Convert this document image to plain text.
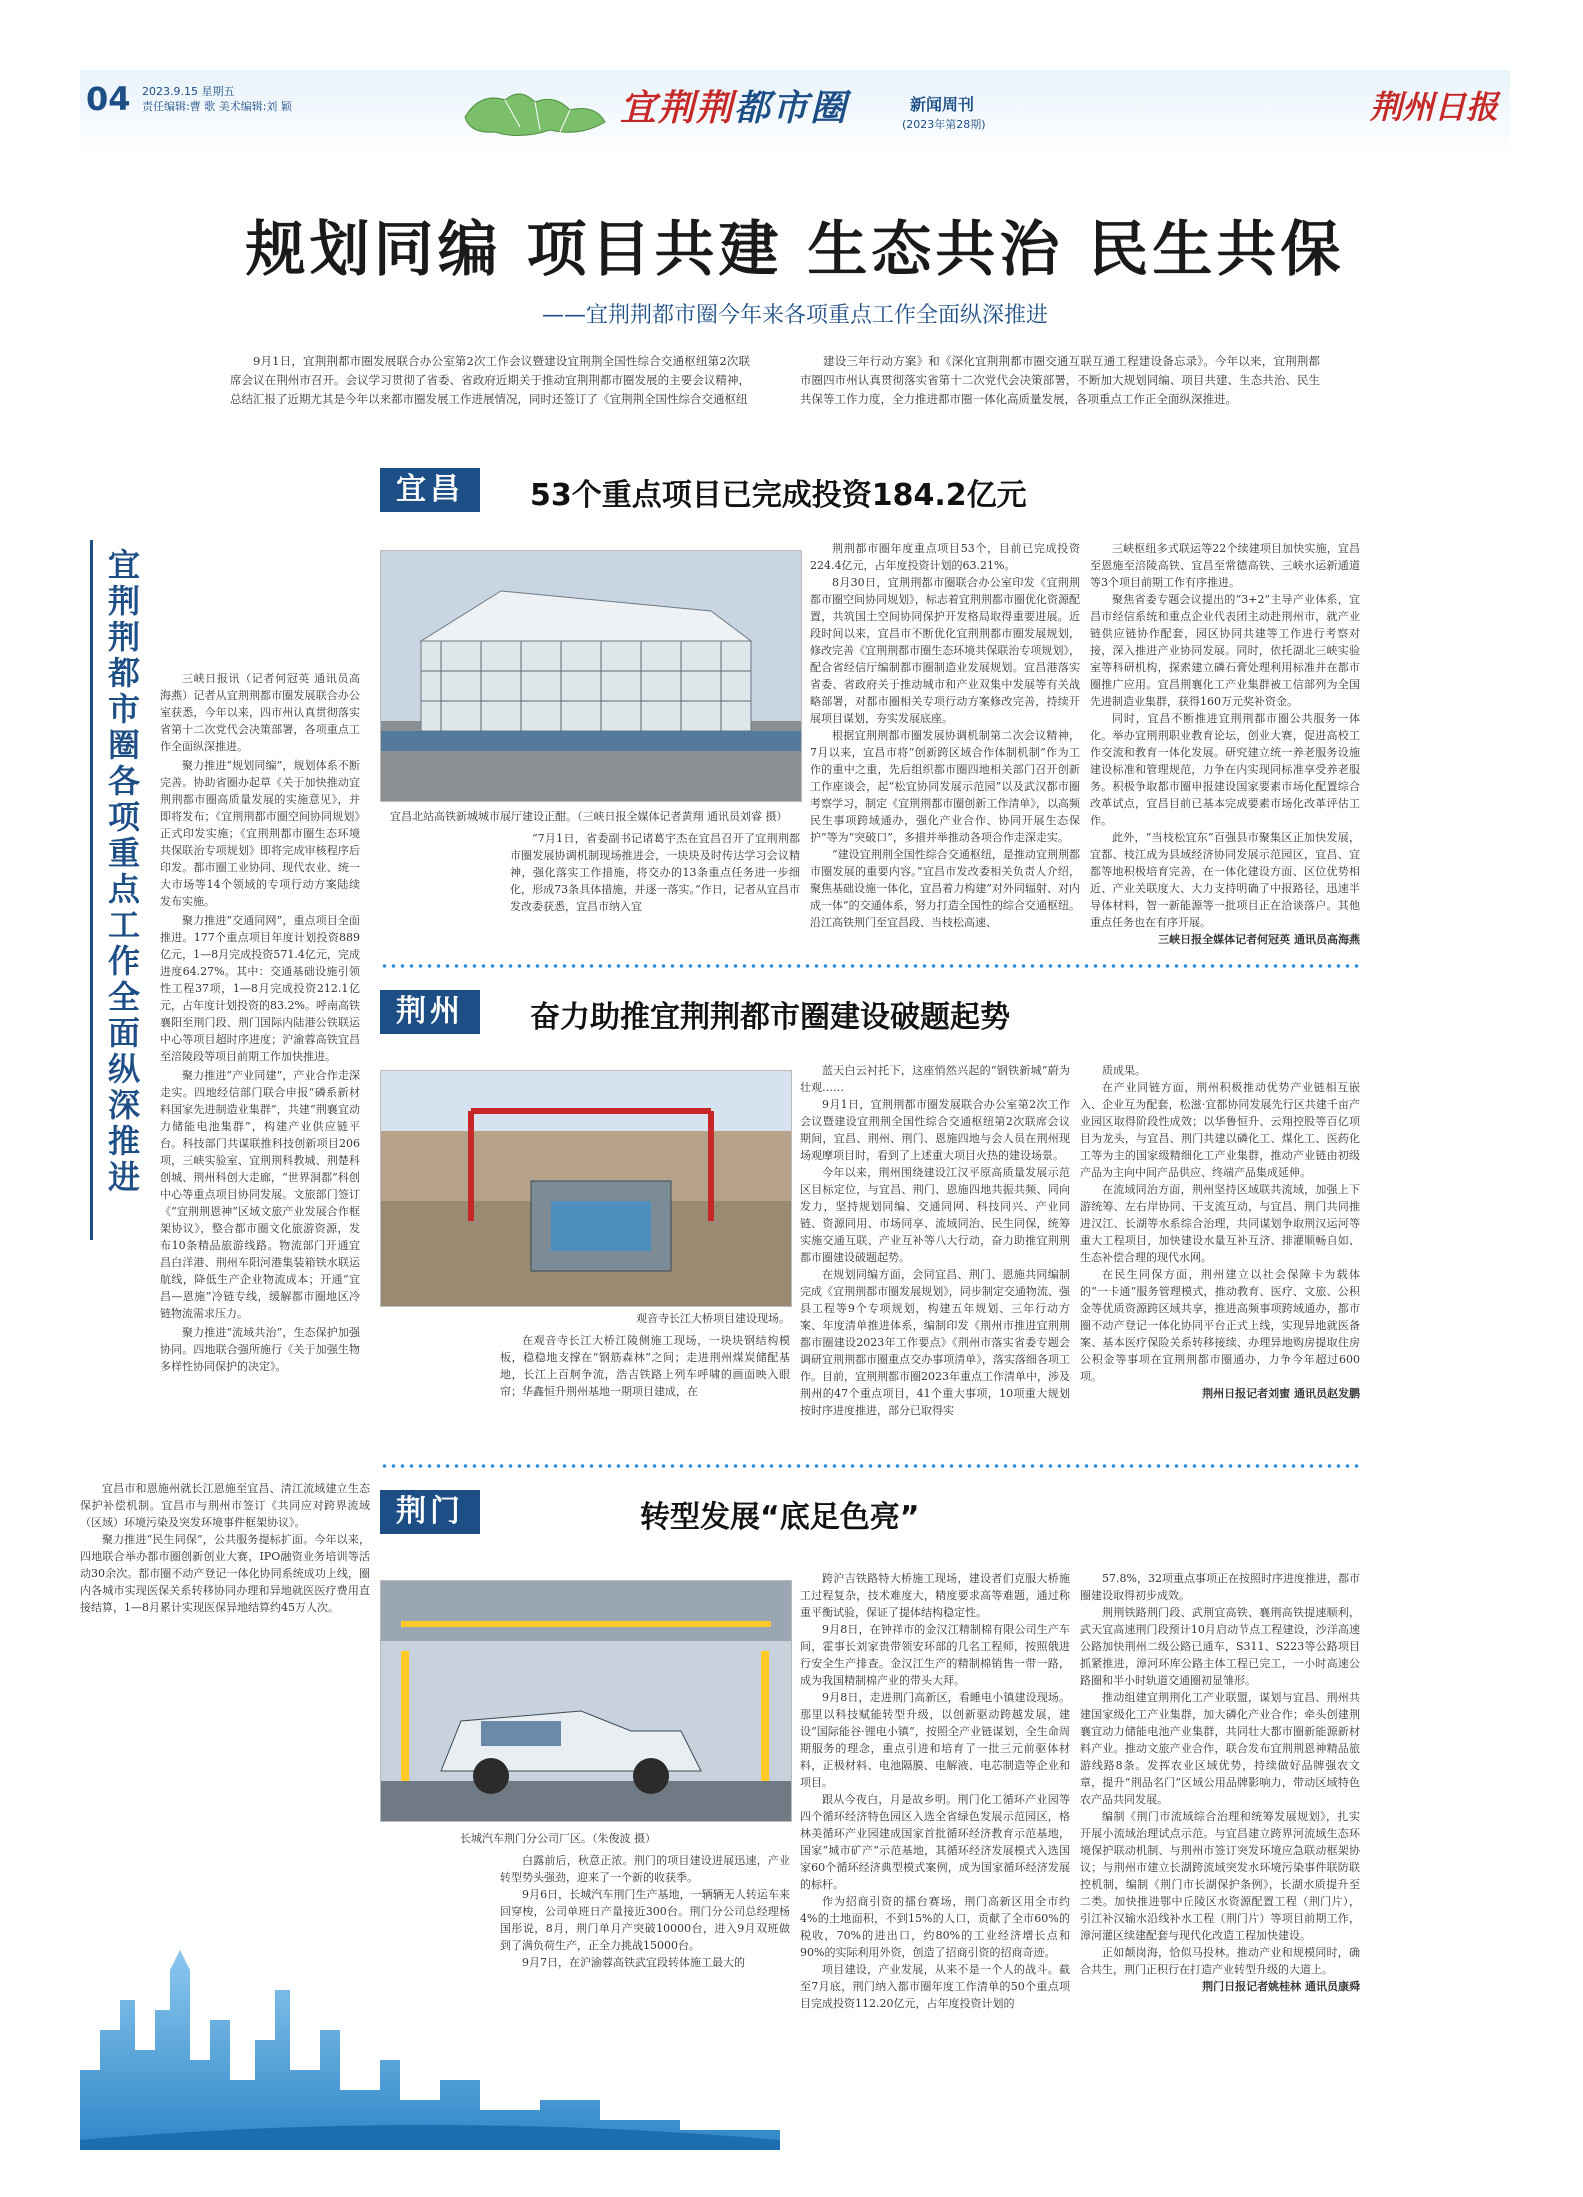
04 2023.9.15 星期五
责任编辑:曹 歌 美术编辑:刘 颖	宜荆荆都市圈	新闻周刊
(2023年第28期)	荆州日报
规划同编 项目共建 生态共治 民生共保
——宜荆荆都市圈今年来各项重点工作全面纵深推进
9月1日，宜荆荆都市圈发展联合办公室第2次工作会议暨建设宜荆荆全国性综合交通枢纽第2次联席会议在荆州市召开。会议学习贯彻了省委、省政府近期关于推动宜荆荆都市圈发展的主要会议精神，总结汇报了近期尤其是今年以来都市圈发展工作进展情况，同时还签订了《宜荆荆全国性综合交通枢纽
建设三年行动方案》和《深化宜荆荆都市圈交通互联互通工程建设备忘录》。今年以来，宜荆荆都市圈四市州认真贯彻落实省第十二次党代会决策部署，不断加大规划同编、项目共建、生态共治、民生共保等工作力度，全力推进都市圈一体化高质量发展，各项重点工作正全面纵深推进。
宜荆荆都市圈各项重点工作全面纵深推进	三峡日报讯（记者何冠英 通讯员高海燕）记者从宜荆荆都市圈发展联合办公室获悉，今年以来，四市州认真贯彻落实省第十二次党代会决策部署，各项重点工作全面纵深推进。

聚力推进“规划同编”，规划体系不断完善。协助省圈办起草《关于加快推动宜荆荆都市圈高质量发展的实施意见》，并即将发布；《宜荆荆都市圈空间协同规划》正式印发实施；《宜荆荆都市圈生态环境共保联治专项规划》即将完成审核程序后印发。都市圈工业协同、现代农业、统一大市场等14个领域的专项行动方案陆续发布实施。

聚力推进“交通同网”，重点项目全面推进。177个重点项目年度计划投资889亿元，1—8月完成投资571.4亿元，完成进度64.27%。其中：交通基础设施引领性工程37项，1—8月完成投资212.1亿元，占年度计划投资的83.2%。呼南高铁襄阳至荆门段、荆门国际内陆港公铁联运中心等项目超时序进度；沪渝蓉高铁宜昌至涪陵段等项目前期工作加快推进。

聚力推进“产业同建”，产业合作走深走实。四地经信部门联合申报“磷系新材料国家先进制造业集群”，共建“荆襄宜动力储能电池集群”，构建产业供应链平台。科技部门共谋联推科技创新项目206项，三峡实验室、宜荆荆科教城、荆楚科创城、荆州科创大走廊，“世界洞都”科创中心等重点项目协同发展。文旅部门签订《“宜荆荆恩神”区域文旅产业发展合作框架协议》，整合都市圈文化旅游资源，发布10条精品旅游线路。物流部门开通宜昌白洋港、荆州车阳河港集装箱铁水联运航线，降低生产企业物流成本；开通“宜昌—恩施”冷链专线，缓解都市圈地区冷链物流需求压力。

聚力推进“流域共治”，生态保护加强协同。四地联合强所施行《关于加强生物多样性协同保护的决定》。

宜昌市和恩施州就长江恩施至宜昌、清江流域建立生态保护补偿机制。宜昌市与荆州市签订《共同应对跨界流域（区域）环境污染及突发环境事件框架协议》。

聚力推进“民生同保”，公共服务提标扩面。今年以来，四地联合举办都市圈创新创业大赛，IPO融资业务培训等活动30余次。都市圈不动产登记一体化协同系统成功上线，圈内各城市实现医保关系转移协同办理和异地就医医疗费用直接结算，1—8月累计实现医保异地结算约45万人次。

宜昌	53个重点项目已完成投资184.2亿元
宜昌北站高铁新城城市展厅建设正酣。（三峡日报全媒体记者黄翔 通讯员刘睿 摄）

“7月1日，省委副书记诸葛宇杰在宜昌召开了宜荆荆都市圈发展协调机制现场推进会，一块块及时传达学习会议精神，强化落实工作措施，将交办的13条重点任务进一步细化，形成73条具体措施，并逐一落实。”作日，记者从宜昌市发改委获悉，宜昌市纳入宜

荆荆都市圈年度重点项目53个，目前已完成投资224.4亿元，占年度投资计划的63.21%。

8月30日，宜荆荆都市圈联合办公室印发《宜荆荆都市圈空间协同规划》，标志着宜荆荆都市圈优化资源配置，共筑国土空间协同保护开发格局取得重要进展。近段时间以来，宜昌市不断优化宜荆荆都市圈发展规划，修改完善《宜荆荆都市圈生态环境共保联治专项规划》，配合省经信厅编制都市圈制造业发展规划。宜昌港落实省委、省政府关于推动城市和产业双集中发展等有关战略部署，对都市圈相关专项行动方案修改完善，持续开展项目谋划，夯实发展底座。

根据宜荆荆都市圈发展协调机制第二次会议精神，7月以来，宜昌市将“创新跨区域合作体制机制”作为工作的重中之重，先后组织都市圈四地相关部门召开创新工作座谈会，起“松宜协同发展示范园”以及武汉都市圈考察学习，制定《宜荆荆都市圈创新工作清单》，以高频民生事项跨域通办，强化产业合作、协同开展生态保护”等为“突破口”，多措并举推动各项合作走深走实。

“建设宜荆荆全国性综合交通枢纽，是推动宜荆荆都市圈发展的重要内容。”宜昌市发改委相关负责人介绍，聚焦基础设施一体化，宜昌着力构建”对外同辐射、对内成一体”的交通体系，努力打造全国性的综合交通枢纽。沿江高铁荆门至宜昌段、当枝松高速、

三峡枢纽多式联运等22个续建项目加快实施，宜昌至恩施至涪陵高铁、宜昌至常德高铁、三峡水运新通道等3个项目前期工作有序推进。

聚焦省委专题会议提出的“3+2”主导产业体系，宜昌市经信系统和重点企业代表团主动赴荆州市，就产业链供应链协作配套，园区协同共建等工作进行考察对接，深入推进产业协同发展。同时，依托湖北三峡实验室等科研机构，探索建立磷石膏处理利用标准并在都市圈推广应用。宜昌荆襄化工产业集群被工信部列为全国先进制造业集群，获得160万元奖补资金。

同时，宜昌不断推进宜荆荆都市圈公共服务一体化。举办宜荆荆职业教育论坛，创业大赛，促进高校工作交流和教育一体化发展。研究建立统一养老服务设施建设标准和管理规范，力争在内实现同标准享受养老服务。积极争取都市圈申报建设国家要素市场化配置综合改革试点，宜昌目前已基本完成要素市场化改革评估工作。

此外，“当枝松宜东”百强县市聚集区正加快发展，宜都、枝江成为县域经济协同发展示范园区，宜昌、宜都等地积极培育完善，在一体化建设方面、区位优势相近、产业关联度大、大力支持明确了中报路径，迅速半导体材料，智一新能源等一批项目正在洽谈落户。其他重点任务也在有序开展。

三峡日报全媒体记者何冠英 通讯员高海燕
荆州	奋力助推宜荆荆都市圈建设破题起势
观音寺长江大桥项目建设现场。

在观音寺长江大桥江陵侧施工现场，一块块钢结构模板，稳稳地支撑在“钢筋森林”之间；走进荆州煤炭储配基地，长江上百舸争流，浩吉铁路上列车呼啸的画面映入眼帘；华鑫恒升荆州基地一期项目建成，在

蓝天白云衬托下，这座悄然兴起的“钢铁新城”蔚为壮观……

9月1日，宜荆荆都市圈发展联合办公室第2次工作会议暨建设宜荆荆全国性综合交通枢纽第2次联席会议期间，宜昌、荆州、荆门、恩施四地与会人员在荆州现场观摩项目时，看到了上述重大项目火热的建设场景。

今年以来，荆州围绕建设江汉平原高质量发展示范区目标定位，与宜昌、荆门、恩施四地共振共频、同向发力，坚持规划同编、交通同网、科技同兴、产业同链、资源同用、市场同享、流域同治、民生同保，统筹实施交通互联、产业互补等八大行动，奋力助推宜荆荆都市圈建设破题起势。

在规划同编方面，会同宜昌、荆门、恩施共同编制完成《宜荆荆都市圈发展规划》，同步制定交通物流、强县工程等9个专项规划，构建五年规划、三年行动方案、年度清单推进体系，编制印发《荆州市推进宜荆荆都市圈建设2023年工作要点》《荆州市落实省委专题会调研宜荆荆都市圈重点交办事项清单》，落实落细各项工作。目前，宜荆荆都市圈2023年重点工作清单中，涉及荆州的47个重点项目，41个重大事项，10项重大规划按时序进度推进，部分已取得实

质成果。

在产业同链方面，荆州积极推动优势产业链相互嵌入、企业互为配套，松滋·宜都协同发展先行区共建千亩产业园区取得阶段性成效；以华鲁恒升、云翔控股等百亿项目为龙头，与宜昌、荆门共建以磷化工、煤化工、医药化工等为主的国家级精细化工产业集群，推动产业链由初级产品为主向中间产品供应、终端产品集成延伸。

在流域同治方面，荆州坚持区域联共流域，加强上下游统筹、左右岸协同、干支流互动，与宜昌、荆门共同推进汉江、长湖等水系综合治理，共同谋划争取荆汉运河等重大工程项目，加快建设水量互补互济、排灌顺畅自如、生态补偿合理的现代水网。

在民生同保方面，荆州建立以社会保障卡为载体的“一卡通”服务管理模式，推动教育、医疗、文旅、公积金等优质资源跨区域共享，推进高频事项跨域通办，都市圈不动产登记一体化协同平台正式上线，实现异地就医备案、基本医疗保险关系转移接续、办理异地购房提取住房公积金等事项在宜荆荆都市圈通办，力争今年超过600项。

荆州日报记者刘蜜 通讯员赵发鹏
荆门	转型发展“底足色亮”
长城汽车荆门分公司厂区。（朱俊波 摄）

白露前后，秋意正浓。荆门的项目建设进展迅速，产业转型势头强劲，迎来了一个新的收获季。

9月6日，长城汽车荆门生产基地，一辆辆无人转运车来回穿梭，公司单班日产量接近300台。荆门分公司总经理杨国彤说，8月，荆门单月产突破10000台，进入9月双班做到了满负荷生产，正全力挑战15000台。

9月7日，在沪渝蓉高铁武宜段转体施工最大的

跨沪吉铁路特大桥施工现场，建设者们克服大桥施工过程复杂，技术难度大，精度要求高等难题，通过称重平衡试验，保证了提体结构稳定性。

9月8日，在钟祥市的金汉江精制棉有限公司生产车间，霍事长刘家贵带领安环部的几名工程师，按照俄进行安全生产排查。金汉江生产的精制棉销售一带一路，成为我国精制棉产业的带头大拜。

9月8日，走进荆门高新区，看睡电小镇建设现场。那里以科技赋能转型升级，以创新驱动跨越发展，建设“国际能谷·锂电小镇”，按照全产业链谋划，全生命周期服务的理念，重点引进和培育了一批三元前驱体材料，正极材料、电池隔膜、电解液、电芯制造等企业和项目。

跟从今夜白，月是故乡明。荆门化工循环产业园等四个循环经济特色园区入选全省绿色发展示范园区，格林美循环产业园建成国家首批循环经济教育示范基地，国家“城市矿产”示范基地，其循环经济发展模式入选国家60个循环经济典型模式案例，成为国家循环经济发展的标杆。

作为招商引资的擂台赛场，荆门高新区用全市约4%的土地面积，不到15%的人口，贡献了全市60%的税收，70%的进出口，约80%的工业经济增长点和90%的实际利用外资，创造了招商引资的招商奇迹。

项目建设，产业发展，从来不是一个人的战斗。截至7月底，荆门纳入都市圈年度工作清单的50个重点项目完成投资112.20亿元，占年度投资计划的

57.8%，32项重点事项正在按照时序进度推进，都市圈建设取得初步成效。

荆荆铁路荆门段、武荆宜高铁、襄荆高铁提速顺利，武天宜高速荆门段预计10月启动节点工程建设，沙洋高速公路加快荆州二级公路已通车，S311、S223等公路项目抓紧推进，漳河环库公路主体工程已完工，一小时高速公路圈和半小时轨道交通圈初显雏形。

推动组建宜荆荆化工产业联盟，谋划与宜昌、荆州共建国家级化工产业集群，加大磷化产业合作；牵头创建荆襄宜动力储能电池产业集群，共同壮大都市圈新能源新材料产业。推动文旅产业合作，联合发布宜荆荆恩神精品旅游线路8条。发挥农业区域优势，持续做好品牌强农文章，提升“荆品名门”区域公用品牌影响力，带动区域特色农产品共同发展。

编制《荆门市流域综合治理和统筹发展规划》，扎实开展小流域治理试点示范。与宜昌建立跨界河流域生态环境保护联动机制、与荆州市签订突发环境应急联动框架协议；与荆州市建立长湖跨流域突发水环境污染事件联防联控机制，编制《荆门市长湖保护条例》，长湖水质提升至二类。加快推进鄂中丘陵区水资源配置工程（荆门片），引江补汉输水沿线补水工程（荆门片）等项目前期工作，漳河灌区续建配套与现代化改造工程加快建设。

正如颠岗海，恰似马投林。推动产业和规模同时，确合共生，荆门正积行在打造产业转型升级的大道上。

荆门日报记者姚桂林 通讯员康舜
